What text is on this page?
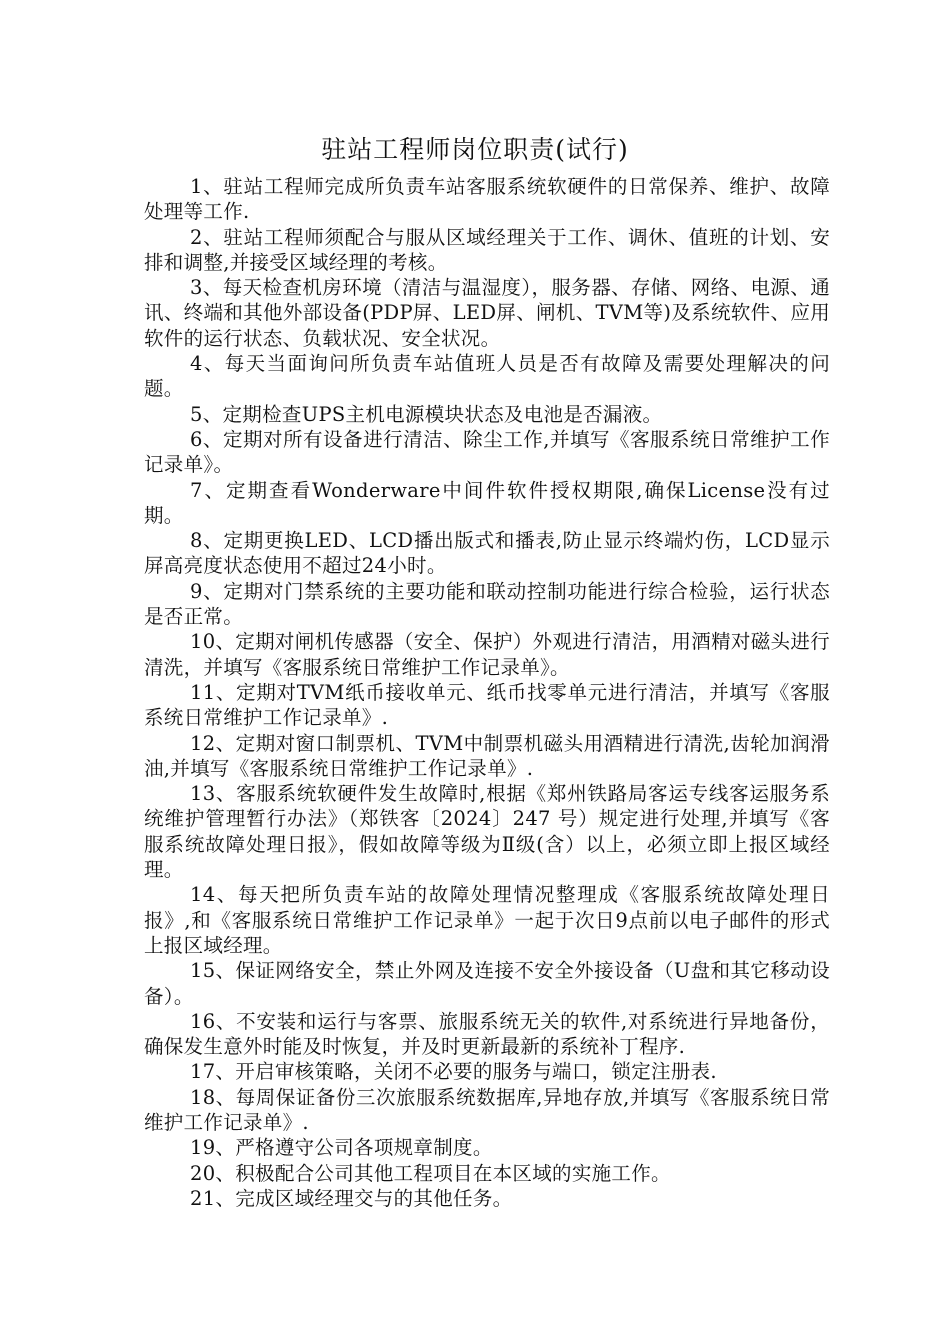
驻站工程师岗位职责(试行)

1、驻站工程师完成所负责车站客服系统软硬件的日常保养、维护、故障处理等工作.

2、驻站工程师须配合与服从区域经理关于工作、调休、值班的计划、安排和调整,并接受区域经理的考核。

3、每天检查机房环境（清洁与温湿度），服务器、存储、网络、电源、通讯、终端和其他外部设备(PDP屏、LED屏、闸机、TVM等)及系统软件、应用软件的运行状态、负载状况、安全状况。

4、每天当面询问所负责车站值班人员是否有故障及需要处理解决的问题。

5、定期检查UPS主机电源模块状态及电池是否漏液。

6、定期对所有设备进行清洁、除尘工作,并填写《客服系统日常维护工作记录单》。

7、定期查看Wonderware中间件软件授权期限,确保License没有过期。

8、定期更换LED、LCD播出版式和播表,防止显示终端灼伤，LCD显示屏高亮度状态使用不超过24小时。

9、定期对门禁系统的主要功能和联动控制功能进行综合检验，运行状态是否正常。

10、定期对闸机传感器（安全、保护）外观进行清洁，用酒精对磁头进行清洗，并填写《客服系统日常维护工作记录单》。

11、定期对TVM纸币接收单元、纸币找零单元进行清洁，并填写《客服系统日常维护工作记录单》.

12、定期对窗口制票机、TVM中制票机磁头用酒精进行清洗,齿轮加润滑油,并填写《客服系统日常维护工作记录单》.

13、客服系统软硬件发生故障时,根据《郑州铁路局客运专线客运服务系统维护管理暂行办法》（郑铁客〔2024〕247 号）规定进行处理,并填写《客服系统故障处理日报》，假如故障等级为Ⅱ级(含）以上，必须立即上报区域经理。

14、每天把所负责车站的故障处理情况整理成《客服系统故障处理日报》,和《客服系统日常维护工作记录单》一起于次日9点前以电子邮件的形式上报区域经理。

15、保证网络安全，禁止外网及连接不安全外接设备（U盘和其它移动设备）。

16、不安装和运行与客票、旅服系统无关的软件,对系统进行异地备份，确保发生意外时能及时恢复，并及时更新最新的系统补丁程序.

17、开启审核策略，关闭不必要的服务与端口，锁定注册表.

18、每周保证备份三次旅服系统数据库,异地存放,并填写《客服系统日常维护工作记录单》.

19、严格遵守公司各项规章制度。

20、积极配合公司其他工程项目在本区域的实施工作。

21、完成区域经理交与的其他任务。
